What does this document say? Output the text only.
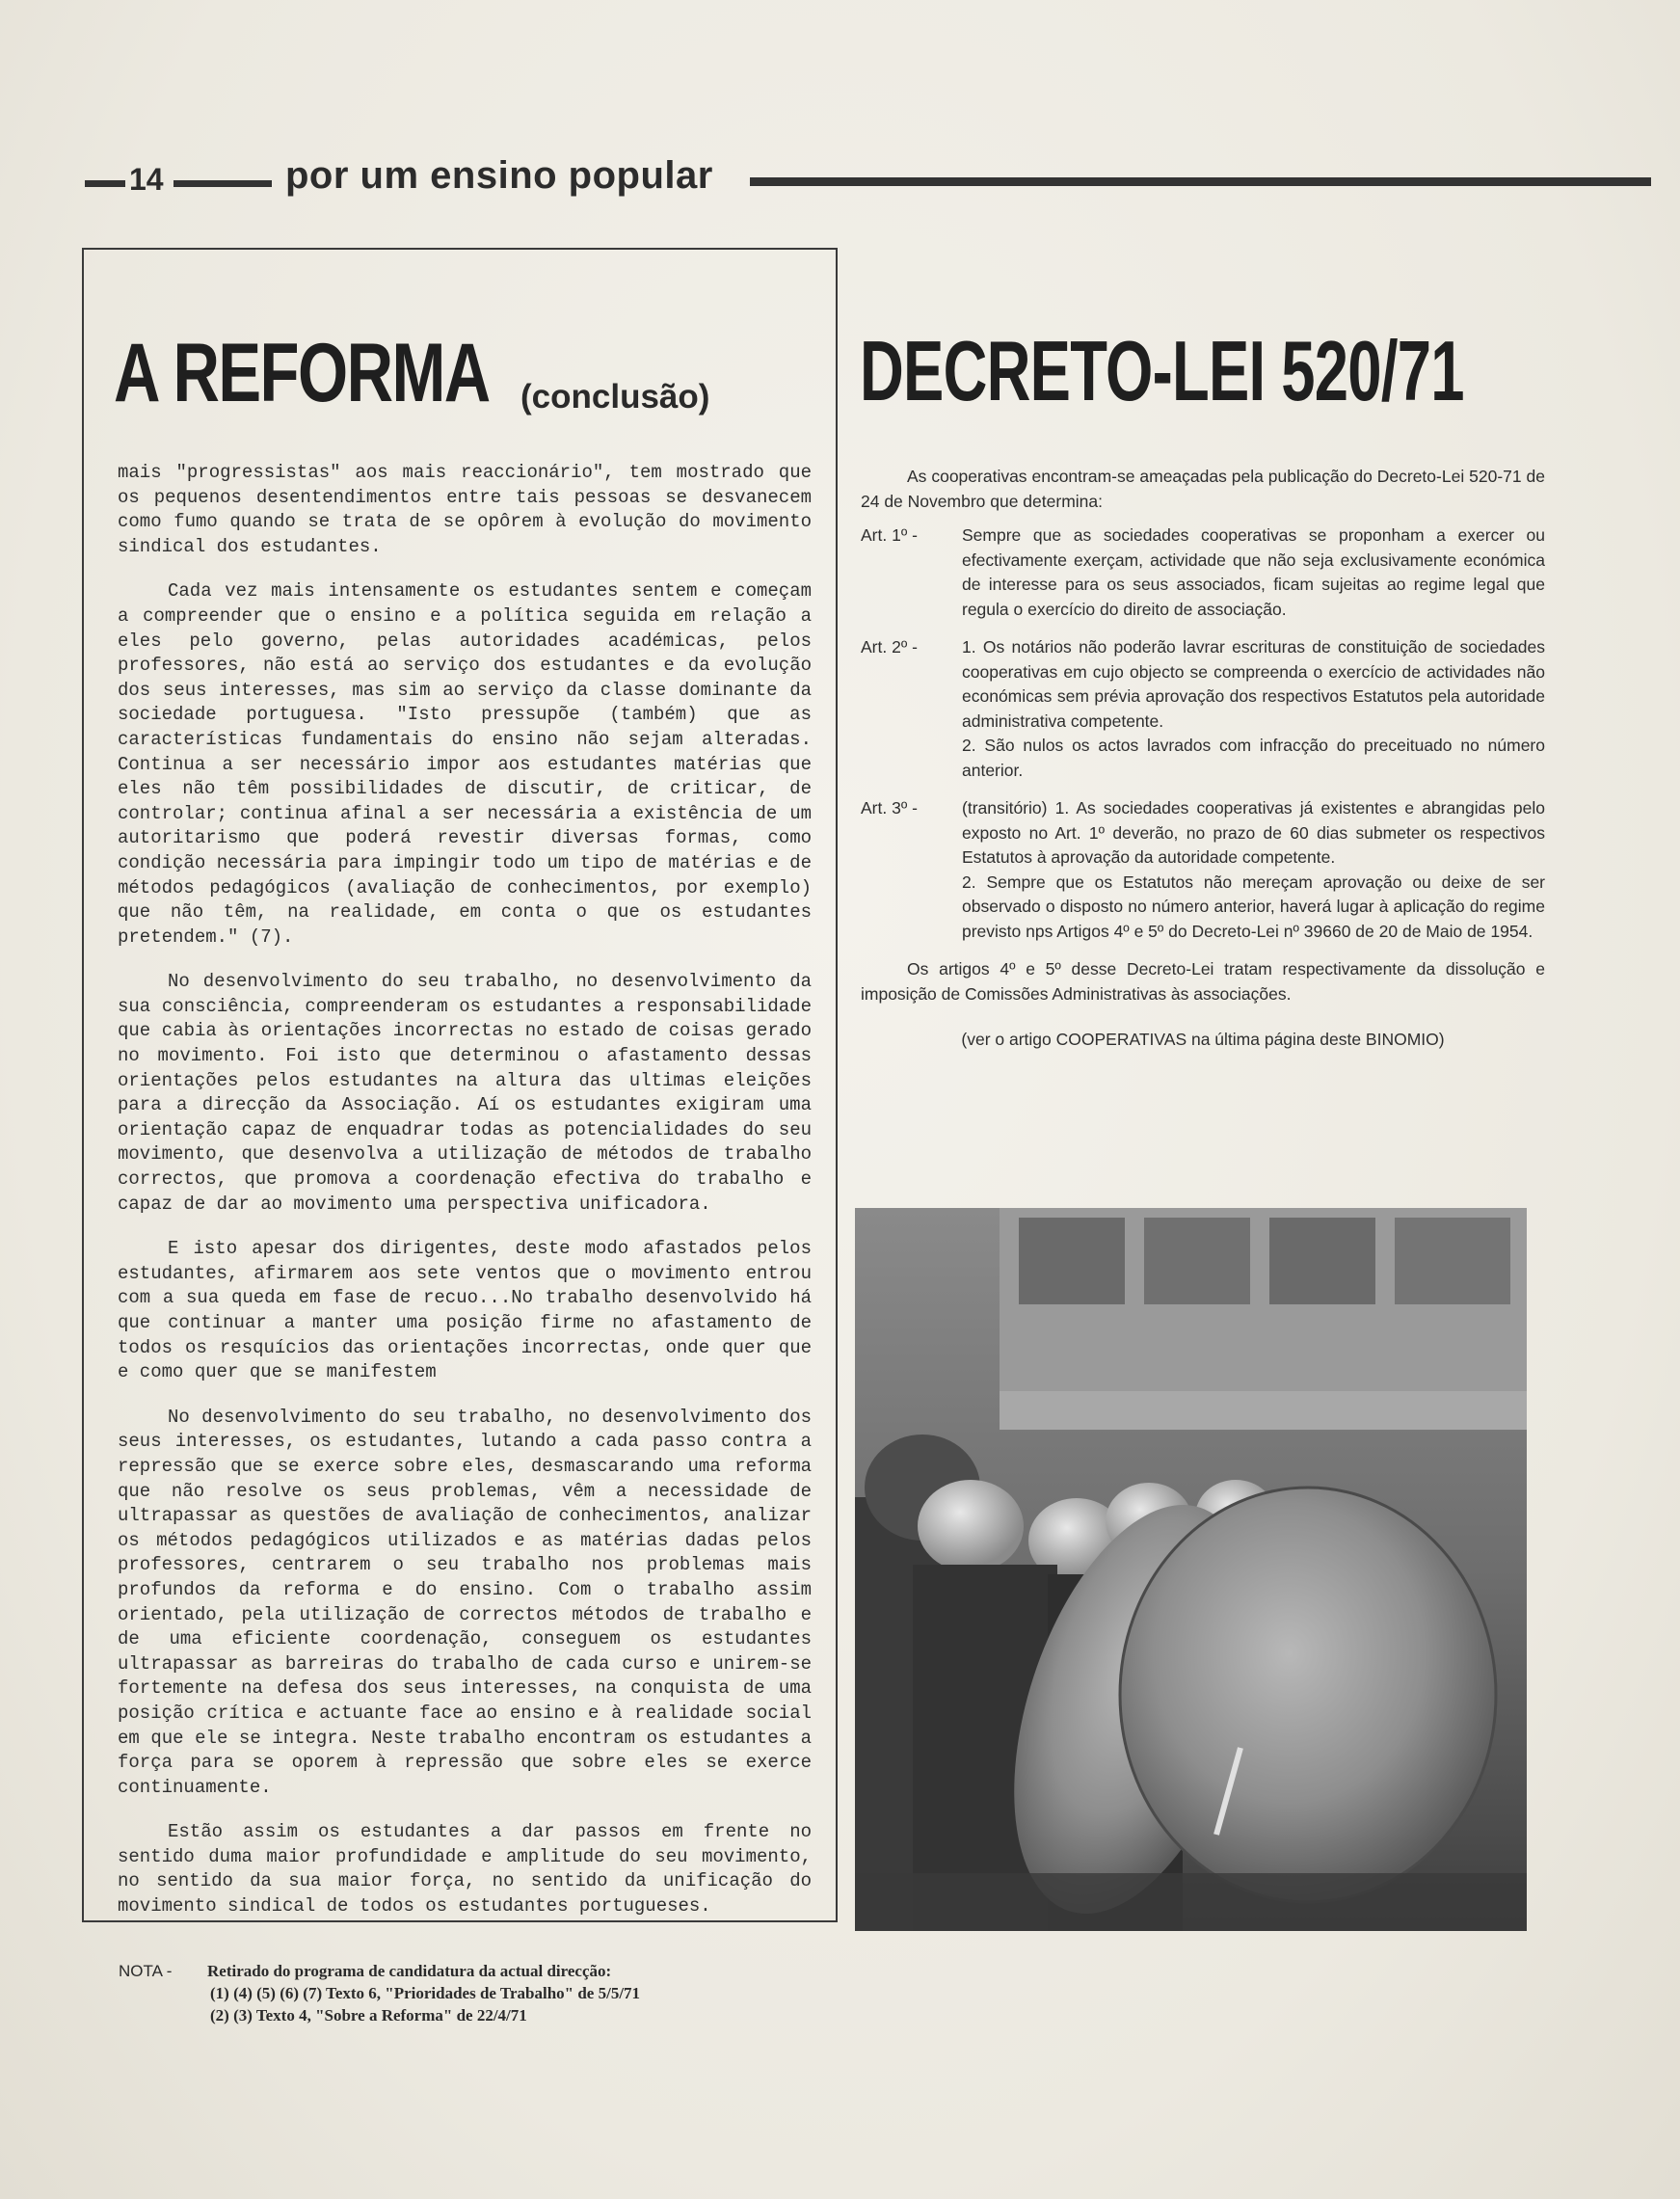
14	por um ensino popular
A REFORMA (conclusão)

mais "progressistas" aos mais reaccionário", tem mostrado que os pequenos desentendimentos entre tais pessoas se desvanecem como fumo quando se trata de se opôrem à evolução do movimento sindical dos estudantes.

Cada vez mais intensamente os estudantes sentem e começam a compreender que o ensino e a política seguida em relação a eles pelo governo, pelas autoridades académicas, pelos professores, não está ao serviço dos estudantes e da evolução dos seus interesses, mas sim ao serviço da classe dominante da sociedade portuguesa. "Isto pressupõe (também) que as características fundamentais do ensino não sejam alteradas. Continua a ser necessário impor aos estudantes matérias que eles não têm possibilidades de discutir, de criticar, de controlar; continua afinal a ser necessária a existência de um autoritarismo que poderá revestir diversas formas, como condição necessária para impingir todo um tipo de matérias e de métodos pedagógicos (avaliação de conhecimentos, por exemplo) que não têm, na realidade, em conta o que os estudantes pretendem." (7).

No desenvolvimento do seu trabalho, no desenvolvimento da sua consciência, compreenderam os estudantes a responsabilidade que cabia às orientações incorrectas no estado de coisas gerado no movimento. Foi isto que determinou o afastamento dessas orientações pelos estudantes na altura das ultimas eleições para a direcção da Associação. Aí os estudantes exigiram uma orientação capaz de enquadrar todas as potencialidades do seu movimento, que desenvolva a utilização de métodos de trabalho correctos, que promova a coordenação efectiva do trabalho e capaz de dar ao movimento uma perspectiva unificadora.

E isto apesar dos dirigentes, deste modo afastados pelos estudantes, afirmarem aos sete ventos que o movimento entrou com a sua queda em fase de recuo...No trabalho desenvolvido há que continuar a manter uma posição firme no afastamento de todos os resquícios das orientações incorrectas, onde quer que e como quer que se manifestem

No desenvolvimento do seu trabalho, no desenvolvimento dos seus interesses, os estudantes, lutando a cada passo contra a repressão que se exerce sobre eles, desmascarando uma reforma que não resolve os seus problemas, vêm a necessidade de ultrapassar as questões de avaliação de conhecimentos, analizar os métodos pedagógicos utilizados e as matérias dadas pelos professores, centrarem o seu trabalho nos problemas mais profundos da reforma e do ensino. Com o trabalho assim orientado, pela utilização de correctos métodos de trabalho e de uma eficiente coordenação, conseguem os estudantes ultrapassar as barreiras do trabalho de cada curso e unirem-se fortemente na defesa dos seus interesses, na conquista de uma posição crítica e actuante face ao ensino e à realidade social em que ele se integra. Neste trabalho encontram os estudantes a força para se oporem à repressão que sobre eles se exerce continuamente.

Estão assim os estudantes a dar passos em frente no sentido duma maior profundidade e amplitude do seu movimento, no sentido da sua maior força, no sentido da unificação do movimento sindical de todos os estudantes portugueses.

DECRETO-LEI 520/71

As cooperativas encontram-se ameaçadas pela publicação do Decreto-Lei 520-71 de 24 de Novembro que determina:

Art. 1º -	Sempre que as sociedades cooperativas se proponham a exercer ou efectivamente exerçam, actividade que não seja exclusivamente económica de interesse para os seus associados, ficam sujeitas ao regime legal que regula o exercício do direito de associação.

Art. 2º -	1. Os notários não poderão lavrar escrituras de constituição de sociedades cooperativas em cujo objecto se compreenda o exercício de actividades não económicas sem prévia aprovação dos respectivos Estatutos pela autoridade administrativa competente.

2. São nulos os actos lavrados com infracção do preceituado no número anterior.

Art. 3º -	(transitório) 1. As sociedades cooperativas já existentes e abrangidas pelo exposto no Art. 1º deverão, no prazo de 60 dias submeter os respectivos Estatutos à aprovação da autoridade competente.

2. Sempre que os Estatutos não mereçam aprovação ou deixe de ser observado o disposto no número anterior, haverá lugar à aplicação do regime previsto nps Artigos 4º e 5º do Decreto-Lei nº 39660 de 20 de Maio de 1954.

Os artigos 4º e 5º desse Decreto-Lei tratam respectivamente da dissolução e imposição de Comissões Administrativas às associações.

(ver o artigo COOPERATIVAS na última página deste BINOMIO)

NOTA -	Retirado do programa de candidatura da actual direcção:
(1) (4) (5) (6) (7) Texto 6, "Prioridades de Trabalho" de 5/5/71
(2) (3) Texto 4, "Sobre a Reforma" de 22/4/71
